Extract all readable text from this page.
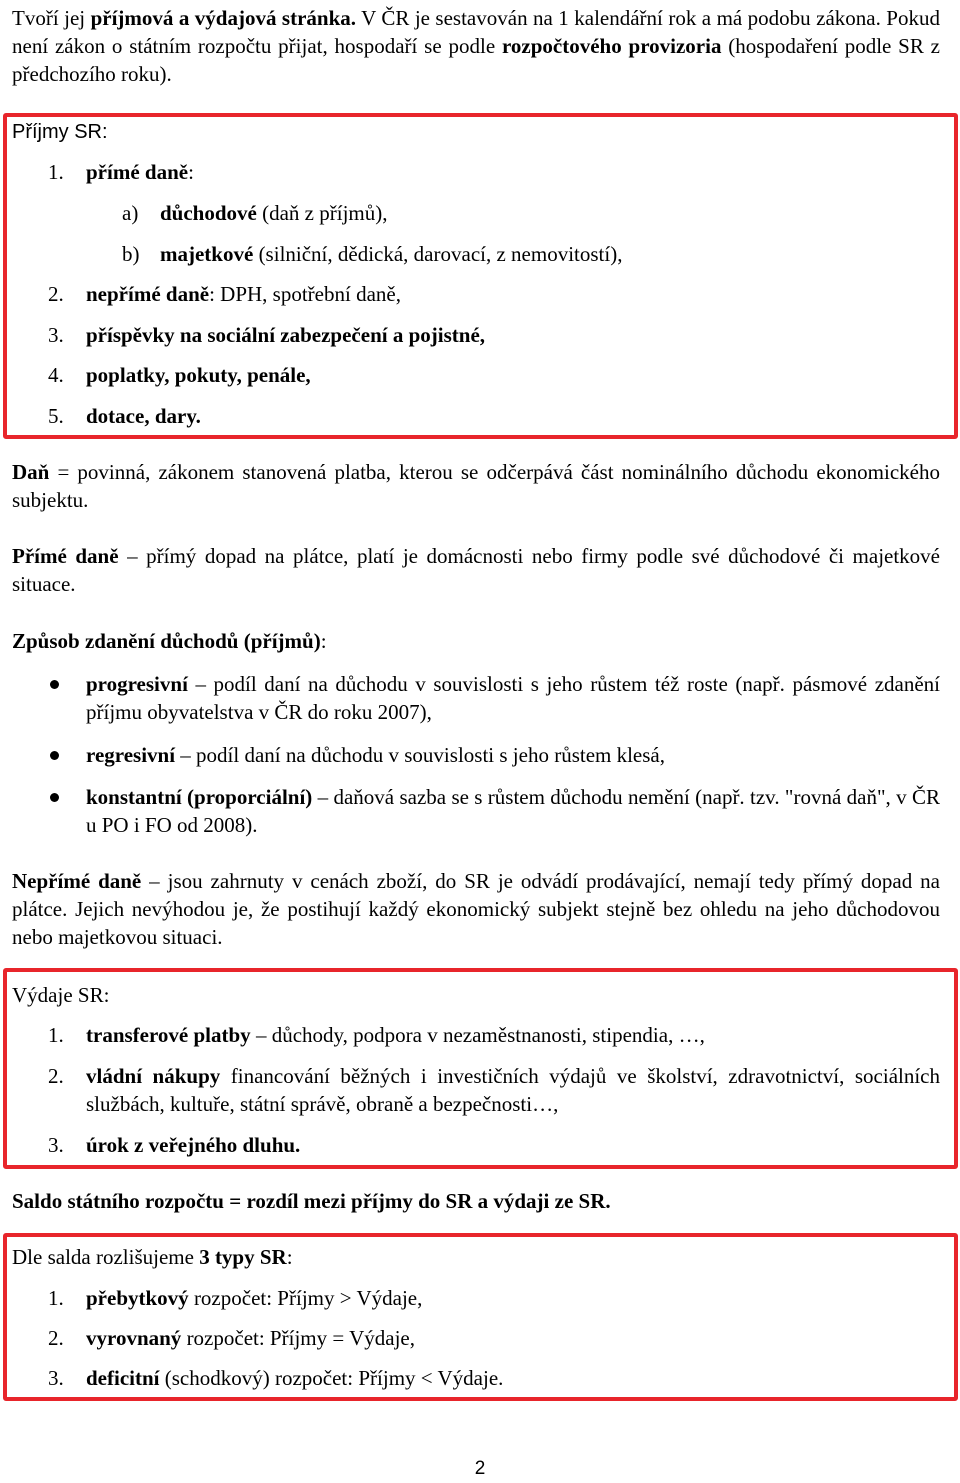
Tvoří jej příjmová a výdajová stránka. V ČR je sestavován na 1 kalendářní rok a má podobu zákona. Pokud není zákon o státním rozpočtu přijat, hospodaří se podle rozpočtového provizoria (hospodaření podle SR z předchozího roku).

Příjmy SR:
1. přímé daně:
a) důchodové (daň z příjmů),
b) majetkové (silniční, dědická, darovací, z nemovitostí),
2. nepřímé daně: DPH, spotřební daně,
3. příspěvky na sociální zabezpečení a pojistné,
4. poplatky, pokuty, penále,
5. dotace, dary.

Daň = povinná, zákonem stanovená platba, kterou se odčerpává část nominálního důchodu ekonomického subjektu.

Přímé daně – přímý dopad na plátce, platí je domácnosti nebo firmy podle své důchodové či majetkové situace.

Způsob zdanění důchodů (příjmů):
progresivní – podíl daní na důchodu v souvislosti s jeho růstem též roste (např. pásmové zdanění příjmu obyvatelstva v ČR do roku 2007),
regresivní – podíl daní na důchodu v souvislosti s jeho růstem klesá,
konstantní (proporciální) – daňová sazba se s růstem důchodu nemění (např. tzv. "rovná daň", v ČR u PO i FO od 2008).

Nepřímé daně – jsou zahrnuty v cenách zboží, do SR je odvádí prodávající, nemají tedy přímý dopad na plátce. Jejich nevýhodou je, že postihují každý ekonomický subjekt stejně bez ohledu na jeho důchodovou nebo majetkovou situaci.

Výdaje SR:
1. transferové platby – důchody, podpora v nezaměstnanosti, stipendia, …,
2. vládní nákupy financování běžných i investičních výdajů ve školství, zdravotnictví, sociálních službách, kultuře, státní správě, obraně a bezpečnosti…,
3. úrok z veřejného dluhu.
Saldo státního rozpočtu = rozdíl mezi příjmy do SR a výdaji ze SR.
Dle salda rozlišujeme 3 typy SR:
1. přebytkový rozpočet: Příjmy > Výdaje,
2. vyrovnaný rozpočet: Příjmy = Výdaje,
3. deficitní (schodkový) rozpočet: Příjmy < Výdaje.
2
